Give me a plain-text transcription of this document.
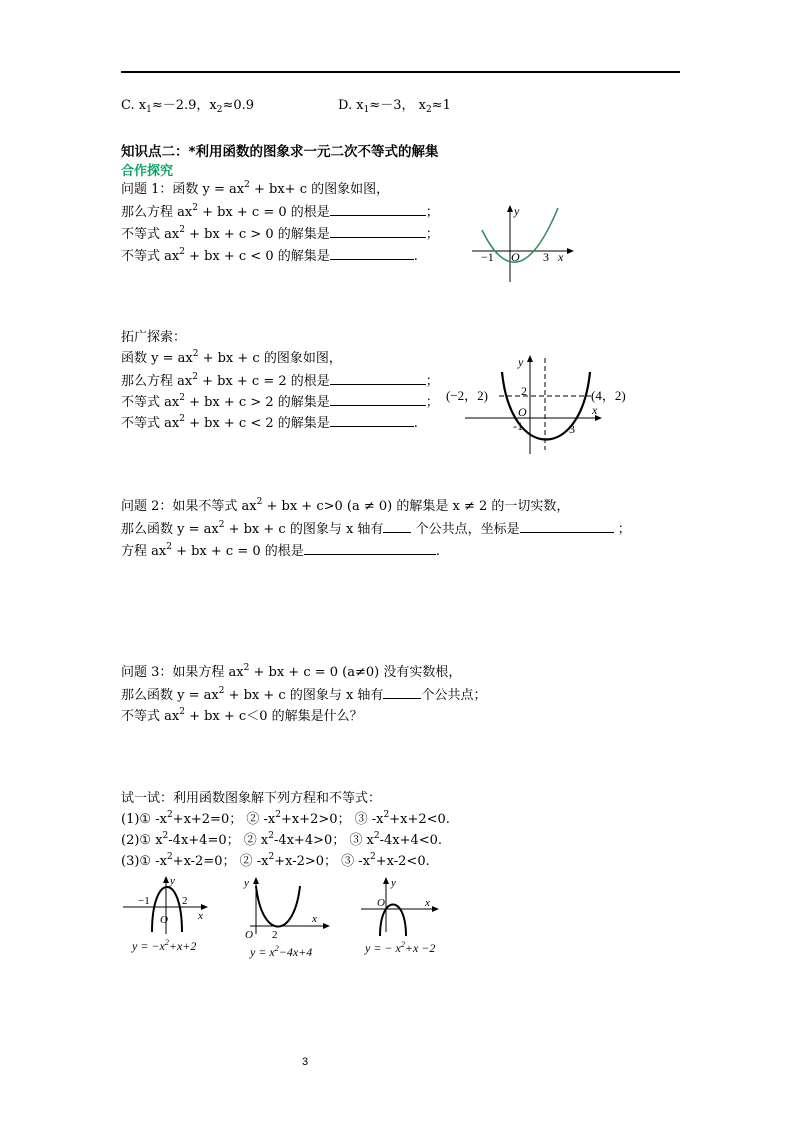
C. $x_1\approx-2.9$，$x_2\approx 0.9$	D. $x_1\approx-3$， $x_2\approx 1$
知识点二：*利用函数的图象求一元二次不等式的解集
合作探究
问题 1：函数 $y = ax^2 + bx+ c$ 的图象如图，
那么方程 $ax^2$ + bx + c = 0 的根是	；
不等式 $ax^2$ + bx + c > 0 的解集是	；
不等式 $ax^2$ + bx + c < 0 的解集是	.
y
x
O
−1	3
拓广探索：
函数 $y = ax^2$ + bx + c 的图象如图，
那么方程 $ax^2$ + bx + c = 2 的根是	；
不等式 $ax^2$ + bx + c > 2 的解集是	；
不等式 $ax^2$ + bx + c < 2 的解集是	.
y
x
2
O
-1	3
(−2，2)	(4，2)
问题 2：如果不等式 $ax^2$ + bx + c>0 (a ≠ 0) 的解集是 x ≠ 2 的一切实数，
那么函数 $y = ax^2$ + bx + c 的图象与 x 轴有 个公共点，坐标是	；
方程 $ax^2$ + bx + c = 0 的根是	.
问题 3：如果方程 $ax^2$ + bx + c = 0 (a≠0) 没有实数根，
那么函数 $y = ax^2$ + bx + c 的图象与 x 轴有	个公共点；
不等式 $ax^2$ + bx + c＜0 的解集是什么？
试一试：利用函数图象解下列方程和不等式：
(1)① $-x^2+x+2=0$； ② $-x^2+x+2>0$； ③ $-x^2+x+2<0$.
(2)① $x^2-4x+4=0$； ② $x^2-4x+4>0$； ③ $x^2-4x+4<0$.
(3)① $-x^2+x-2=0$； ② $-x^2+x-2>0$； ③ $-x^2+x-2<0$.
y
x
O
−1	2
$y = -x^2+x+2$
y
x
O 2
$y = x^2-4x+4$
y
x
O
y = − $x^2+x -2$
3
